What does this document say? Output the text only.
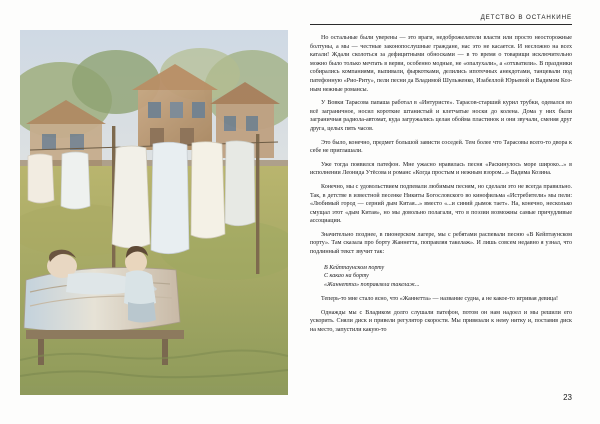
ДЕТСТВО В ОСТАНКИНЕ

Но остальные были уверены — это враги, недоброжелатели власти или просто неосторожные болтуны, а мы — честные законопослушные граждане, нас это не касается. И несложно на всех катали! Ждали сколоться за дефицитными обносками — в то время о товарищи исключительно можно было только мечтать в верви, особенно модные, не «опалухали», а «отхватили». В праздники собирались компаниями, выпивали, фыркотками, делились ипотечных анекдотами, танцевали под патефонную «Рио-Риту», пели песни да Владимой Шульженко, Изабеллой Юрьевой и Вадимом Козным нежные романсы.

У Вовки Тарасова папаша работал в «Интуристе». Тарасов-старший курил трубки, одевался во всё заграничное, носил короткие штанистый и клетчатые носки до колена. Дома у них были заграничная радиола-автомат, куда загружались целая обойма пластинок и они звучали, сменяя друг друга, целых пять часов.

Это было, конечно, предмет большой зависти соседей. Тем более что Тарасовы всего-то двора к себе не приглашали.

Уже тогда появился патефон. Мне ужасно нравилась песня «Раскинулось море широко...» в исполнении Леонида Утёсова и романс «Когда простым и нежным взором...» Вадима Козина.

Конечно, мы с удовольствием подпевали любимым песням, но сделали это не всегда правильно. Так, в детстве в известной песенке Никиты Богословского во кинофильма «Истребители» мы пели: «Любимый город — серний дым Китая...» вместо «...и синий дымок тает». На, конечно, несколько смущал этот «дым Китая», но мы довольно полагали, что в поэзии возможны самые причудливые ассоциации.

Значительно позднее, в пионерском лагере, мы с ребятами распевали песню «В Кейптаунском порту». Там сказала про борту Жаннетта, поправляя такелаж». И лишь совсем недавно я узнал, что подлинный текст звучит так:

В Кейптаунском порту
С какао на борту
«Жаннетта» поправляла такелаж...

Теперь-то мне стало ясно, что «Жаннетта» — название судна, а не какое-то игривая девица!

Однажды мы с Владиком долго слушали патефон, потом он нам надоел и мы решили его ускорить. Сняли диск и привели регулятор скорости. Мы привязали к нему нитку и, поставив диск на место, запустили какую-то

23
